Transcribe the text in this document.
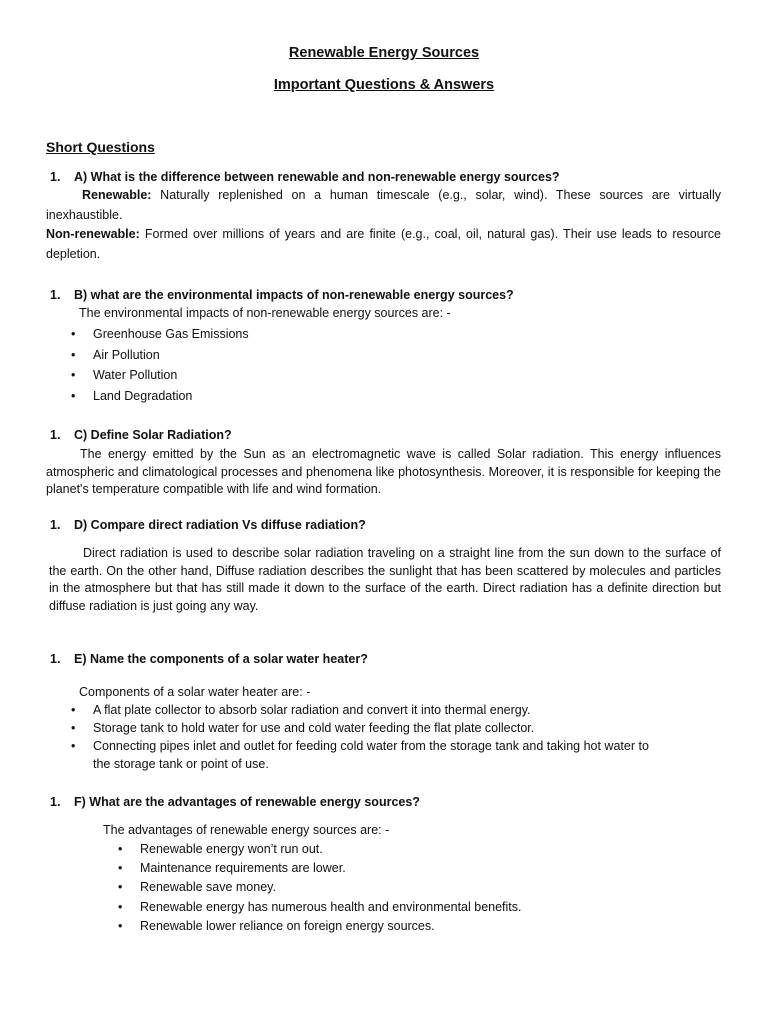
Renewable Energy Sources
Important Questions & Answers
Short Questions
1. A) What is the difference between renewable and non-renewable energy sources?
Renewable: Naturally replenished on a human timescale (e.g., solar, wind). These sources are virtually inexhaustible.
Non-renewable: Formed over millions of years and are finite (e.g., coal, oil, natural gas). Their use leads to resource depletion.
1. B) what are the environmental impacts of non-renewable energy sources?
The environmental impacts of non-renewable energy sources are: -
• Greenhouse Gas Emissions
• Air Pollution
• Water Pollution
• Land Degradation
1. C) Define Solar Radiation?
The energy emitted by the Sun as an electromagnetic wave is called Solar radiation. This energy influences atmospheric and climatological processes and phenomena like photosynthesis. Moreover, it is responsible for keeping the planet's temperature compatible with life and wind formation.
1. D) Compare direct radiation Vs diffuse radiation?
Direct radiation is used to describe solar radiation traveling on a straight line from the sun down to the surface of the earth. On the other hand, Diffuse radiation describes the sunlight that has been scattered by molecules and particles in the atmosphere but that has still made it down to the surface of the earth. Direct radiation has a definite direction but diffuse radiation is just going any way.
1. E) Name the components of a solar water heater?
Components of a solar water heater are: -
• A flat plate collector to absorb solar radiation and convert it into thermal energy.
• Storage tank to hold water for use and cold water feeding the flat plate collector.
• Connecting pipes inlet and outlet for feeding cold water from the storage tank and taking hot water to
the storage tank or point of use.
1. F) What are the advantages of renewable energy sources?
The advantages of renewable energy sources are: -
• Renewable energy won’t run out.
• Maintenance requirements are lower.
• Renewable save money.
• Renewable energy has numerous health and environmental benefits.
• Renewable lower reliance on foreign energy sources.
